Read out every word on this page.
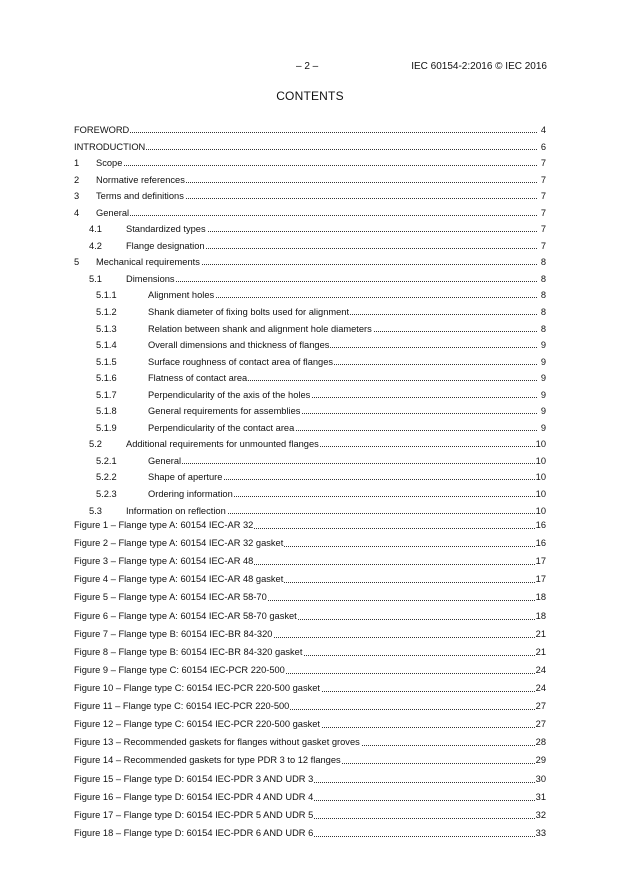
– 2 –	IEC 60154-2:2016 © IEC 2016
CONTENTS
FOREWORD	4
INTRODUCTION	6
1 Scope	7
2 Normative references	7
3 Terms and definitions	7
4 General	7
4.1	Standardized types	7
4.2	Flange designation	7
5 Mechanical requirements	8
5.1	Dimensions	8
5.1.1	Alignment holes	8
5.1.2	Shank diameter of fixing bolts used for alignment	8
5.1.3	Relation between shank and alignment hole diameters	8
5.1.4	Overall dimensions and thickness of flanges	9
5.1.5	Surface roughness of contact area of flanges	9
5.1.6	Flatness of contact area	9
5.1.7	Perpendicularity of the axis of the holes	9
5.1.8	General requirements for assemblies	9
5.1.9	Perpendicularity of the contact area	9
5.2	Additional requirements for unmounted flanges	10
5.2.1	General	10
5.2.2	Shape of aperture	10
5.2.3	Ordering information	10
5.3	Information on reflection	10
Figure 1 – Flange type A: 60154 IEC-AR 32	16
Figure 2 – Flange type A: 60154 IEC-AR 32 gasket	16
Figure 3 – Flange type A: 60154 IEC-AR 48	17
Figure 4 – Flange type A: 60154 IEC-AR 48 gasket	17
Figure 5 – Flange type A: 60154 IEC-AR 58-70	18
Figure 6 – Flange type A: 60154 IEC-AR 58-70 gasket	18
Figure 7 – Flange type B: 60154 IEC-BR 84-320	21
Figure 8 – Flange type B: 60154 IEC-BR 84-320 gasket	21
Figure 9 – Flange type C: 60154 IEC-PCR 220-500	24
Figure 10 – Flange type C: 60154 IEC-PCR 220-500 gasket	24
Figure 11 – Flange type C: 60154 IEC-PCR 220-500	27
Figure 12 – Flange type C: 60154 IEC-PCR 220-500 gasket	27
Figure 13 – Recommended gaskets for flanges without gasket groves	28
Figure 14 – Recommended gaskets for type PDR 3 to 12 flanges	29
Figure 15 – Flange type D: 60154 IEC-PDR 3 AND UDR 3	30
Figure 16 – Flange type D: 60154 IEC-PDR 4 AND UDR 4	31
Figure 17 – Flange type D: 60154 IEC-PDR 5 AND UDR 5	32
Figure 18 – Flange type D: 60154 IEC-PDR 6 AND UDR 6	33
